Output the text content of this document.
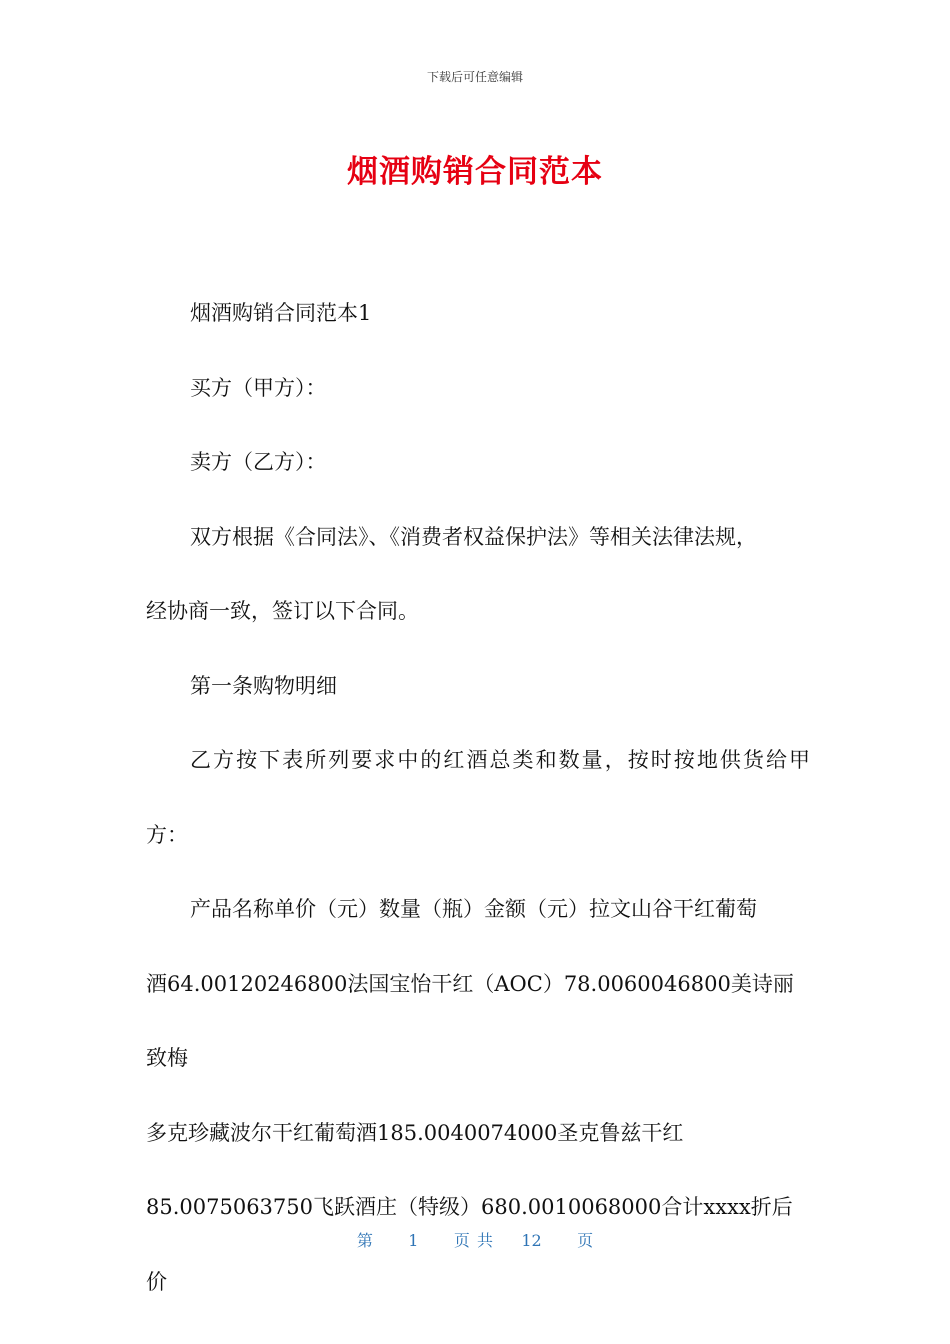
下载后可任意编辑
烟酒购销合同范本

烟酒购销合同范本1

买方（甲方）：

卖方（乙方）：

双方根据《合同法》、《消费者权益保护法》等相关法律法规，

经协商一致，签订以下合同。

第一条购物明细

乙方按下表所列要求中的红酒总类和数量，按时按地供货给甲

方：

产品名称单价（元）数量（瓶）金额（元）拉文山谷干红葡萄

酒64.00120246800法国宝怡干红（AOC）78.0060046800美诗丽致梅

多克珍藏波尔干红葡萄酒185.0040074000圣克鲁兹干红

85.0075063750飞跃酒庄（特级）680.0010068000合计xxxx折后价

第 1 页 共 12 页
